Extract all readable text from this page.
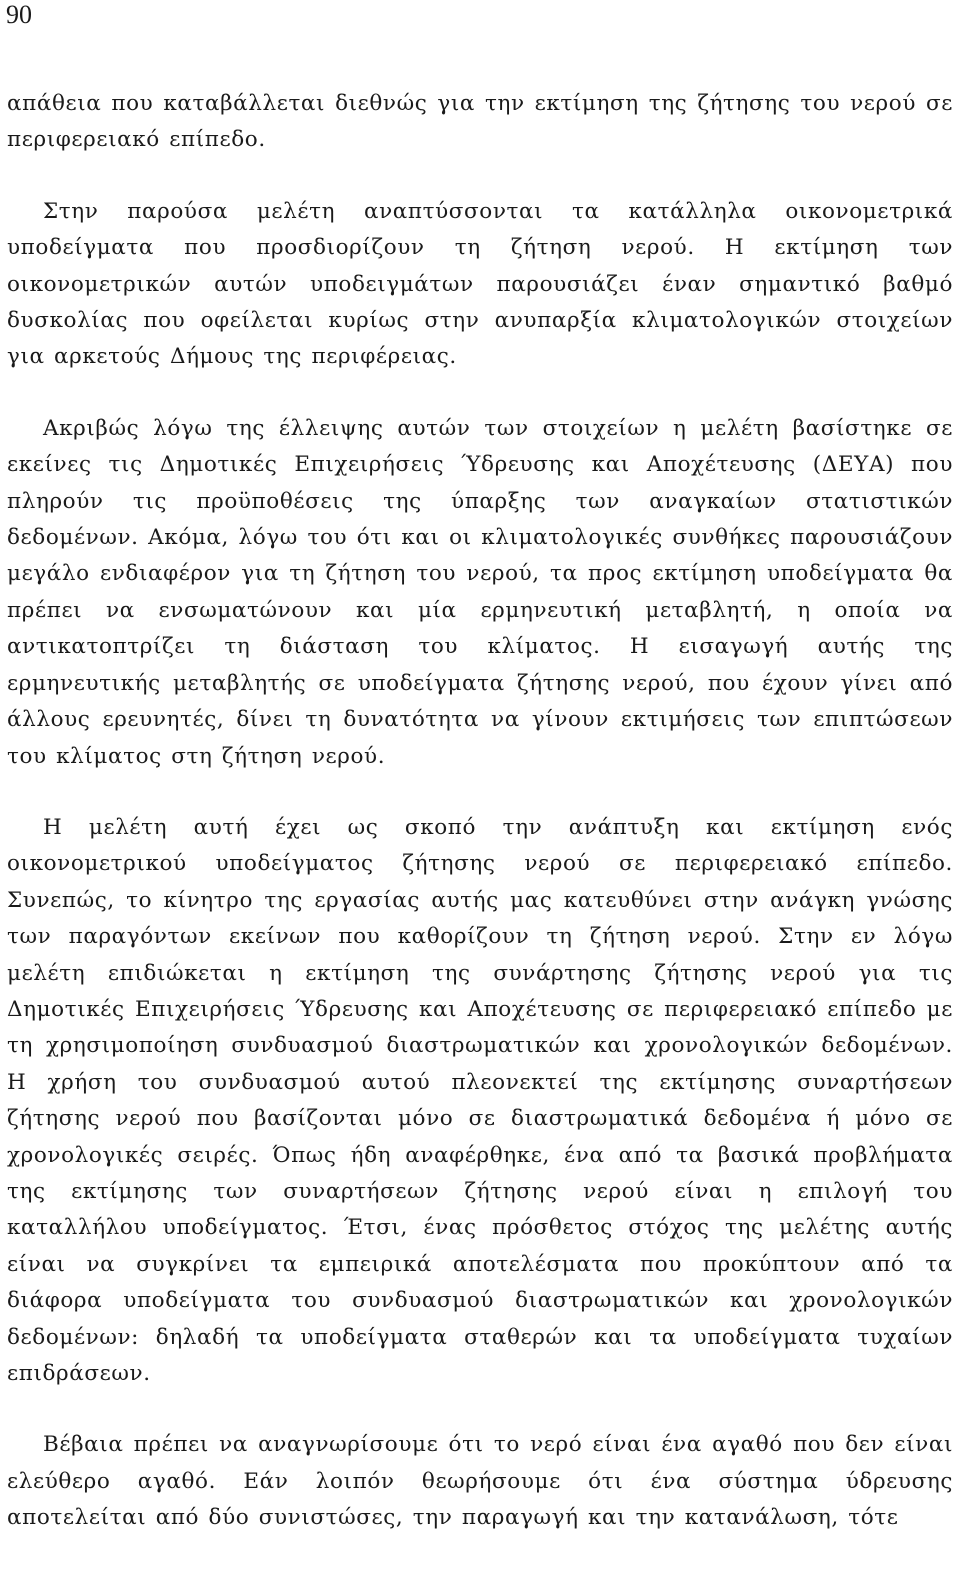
90

απάθεια που καταβάλλεται διεθνώς για την εκτίμηση της ζήτησης του νερού σε περιφερειακό επίπεδο.

Στην παρούσα μελέτη αναπτύσσονται τα κατάλληλα οικονομετρικά υποδείγματα που προσδιορίζουν τη ζήτηση νερού. Η εκτίμηση των οικονομετρικών αυτών υποδειγμάτων παρουσιάζει έναν σημαντικό βαθμό δυσκολίας που οφείλεται κυρίως στην ανυπαρξία κλιματολογικών στοιχείων για αρκετούς Δήμους της περιφέρειας.

Ακριβώς λόγω της έλλειψης αυτών των στοιχείων η μελέτη βασίστηκε σε εκείνες τις Δημοτικές Επιχειρήσεις Ύδρευσης και Αποχέτευσης (ΔΕΥΑ) που πληρούν τις προϋποθέσεις της ύπαρξης των αναγκαίων στατιστικών δεδομένων. Ακόμα, λόγω του ότι και οι κλιματολογικές συνθήκες παρουσιάζουν μεγάλο ενδιαφέρον για τη ζήτηση του νερού, τα προς εκτίμηση υποδείγματα θα πρέπει να ενσωματώνουν και μία ερμηνευτική μεταβλητή, η οποία να αντικατοπτρίζει τη διάσταση του κλίματος. Η εισαγωγή αυτής της ερμηνευτικής μεταβλητής σε υποδείγματα ζήτησης νερού, που έχουν γίνει από άλλους ερευνητές, δίνει τη δυνατότητα να γίνουν εκτιμήσεις των επιπτώσεων του κλίματος στη ζήτηση νερού.

Η μελέτη αυτή έχει ως σκοπό την ανάπτυξη και εκτίμηση ενός οικονομετρικού υποδείγματος ζήτησης νερού σε περιφερειακό επίπεδο. Συνεπώς, το κίνητρο της εργασίας αυτής μας κατευθύνει στην ανάγκη γνώσης των παραγόντων εκείνων που καθορίζουν τη ζήτηση νερού. Στην εν λόγω μελέτη επιδιώκεται η εκτίμηση της συνάρτησης ζήτησης νερού για τις Δημοτικές Επιχειρήσεις Ύδρευσης και Αποχέτευσης σε περιφερειακό επίπεδο με τη χρησιμοποίηση συνδυασμού διαστρωματικών και χρονολογικών δεδομένων. Η χρήση του συνδυασμού αυτού πλεονεκτεί της εκτίμησης συναρτήσεων ζήτησης νερού που βασίζονται μόνο σε διαστρωματικά δεδομένα ή μόνο σε χρονολογικές σειρές. Όπως ήδη αναφέρθηκε, ένα από τα βασικά προβλήματα της εκτίμησης των συναρτήσεων ζήτησης νερού είναι η επιλογή του καταλλήλου υποδείγματος. Έτσι, ένας πρόσθετος στόχος της μελέτης αυτής είναι να συγκρίνει τα εμπειρικά αποτελέσματα που προκύπτουν από τα διάφορα υποδείγματα του συνδυασμού διαστρωματικών και χρονολογικών δεδομένων: δηλαδή τα υποδείγματα σταθερών και τα υποδείγματα τυχαίων επιδράσεων.

Βέβαια πρέπει να αναγνωρίσουμε ότι το νερό είναι ένα αγαθό που δεν είναι ελεύθερο αγαθό. Εάν λοιπόν θεωρήσουμε ότι ένα σύστημα ύδρευσης αποτελείται από δύο συνιστώσες, την παραγωγή και την κατανάλωση, τότε
